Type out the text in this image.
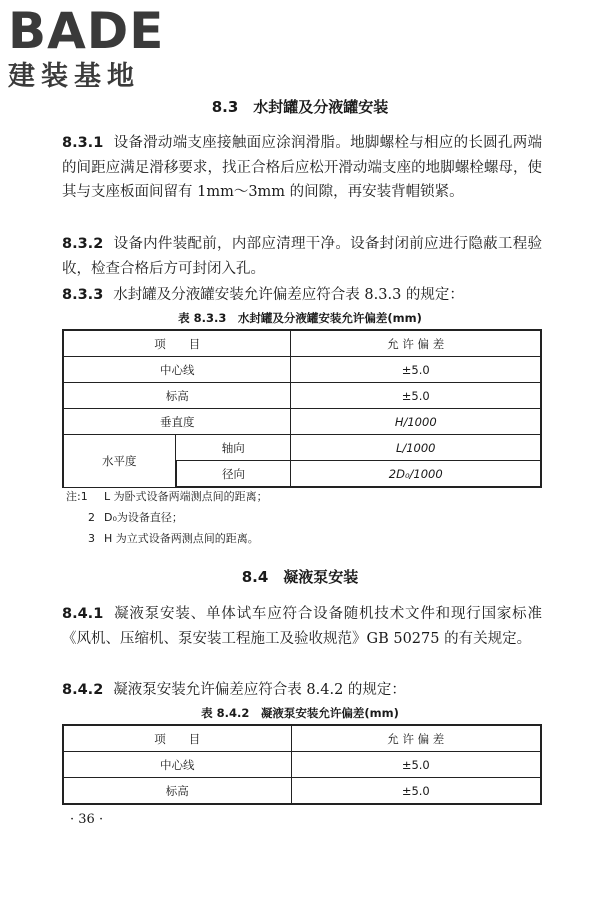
BADE
建装基地
8.3　水封罐及分液罐安装
8.3.1 设备滑动端支座接触面应涂润滑脂。地脚螺栓与相应的长圆孔两端的间距应满足滑移要求，找正合格后应松开滑动端支座的地脚螺栓螺母，使其与支座板面间留有 1mm～3mm 的间隙，再安装背帽锁紧。
8.3.2 设备内件装配前，内部应清理干净。设备封闭前应进行隐蔽工程验收，检查合格后方可封闭入孔。
8.3.3 水封罐及分液罐安装允许偏差应符合表 8.3.3 的规定：
表 8.3.3　水封罐及分液罐安装允许偏差(mm)
项　　目		允 许 偏 差
中心线		±5.0
标高		±5.0
垂直度		H/1000
水平度	轴向	L/1000
	径向	2D₀/1000
注:1 L 为卧式设备两端测点间的距离；
2 D₀为设备直径；
3 H 为立式设备两测点间的距离。
8.4　凝液泵安装
8.4.1 凝液泵安装、单体试车应符合设备随机技术文件和现行国家标准《风机、压缩机、泵安装工程施工及验收规范》GB 50275 的有关规定。
8.4.2 凝液泵安装允许偏差应符合表 8.4.2 的规定：
表 8.4.2　凝液泵安装允许偏差(mm)
项　　目	允 许 偏 差
中心线	±5.0
标高	±5.0
· 36 ·
